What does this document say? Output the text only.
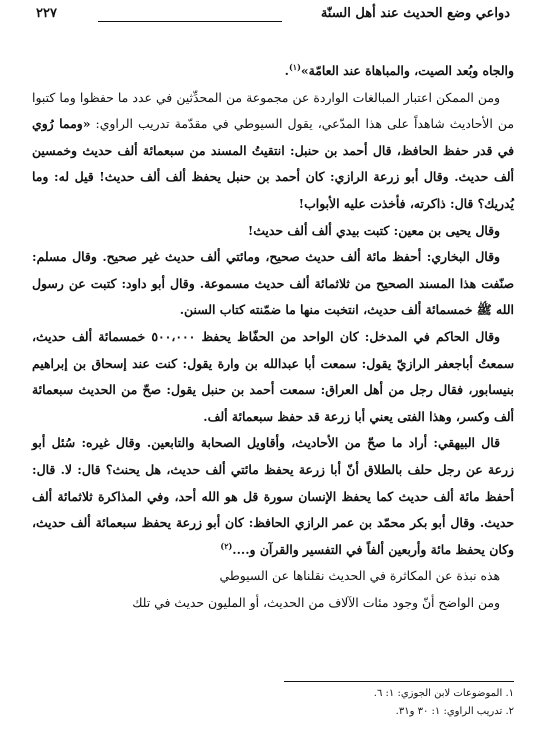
دواعي وضع الحديث عند أهل السنّة
٢٢٧

والجاه وبُعد الصيت، والمباهاة عند العامّة»$^{(١)}$.

ومن الممكن اعتبار المبالغات الواردة عن مجموعة من المحدِّثين في عدد ما حفظوا وما كتبوا من الأحاديث شاهداً على هذا المدّعي، يقول السيوطي في مقدّمة تدريب الراوي: «ومما رُوي في قدر حفظ الحافظ، قال أحمد بن حنبل: انتقيتُ المسند من سبعمائة ألف حديث وخمسين ألف حديث. وقال أبو زرعة الرازي: كان أحمد بن حنبل يحفظ ألف ألف حديث! قيل له: وما يُدريك؟ قال: ذاكرته، فأخذت عليه الأبواب!

وقال يحيى بن معين: كتبت بيدي ألف ألف حديث!

وقال البخاري: أحفظ مائة ألف حديث صحيح، ومائتي ألف حديث غير صحيح. وقال مسلم: صنّفت هذا المسند الصحيح من ثلاثمائة ألف حديث مسموعة. وقال أبو داود: كتبت عن رسول الله ﷺ خمسمائة ألف حديث، انتخبت منها ما ضمّنته كتاب السنن.

وقال الحاكم في المدخل: كان الواحد من الحفّاظ يحفظ ٥٠٠،٠٠٠ خمسمائة ألف حديث، سمعتُ أباجعفر الرازيّ يقول: سمعت أبا عبدالله بن وارة يقول: كنت عند إسحاق بن إبراهيم بنيسابور، فقال رجل من أهل العراق: سمعت أحمد بن حنبل يقول: صحّ من الحديث سبعمائة ألف وكسر، وهذا الفتى يعني أبا زرعة قد حفظ سبعمائة ألف.

قال البيهقي: أراد ما صحّ من الأحاديث، وأقاويل الصحابة والتابعين. وقال غيره: سُئل أبو زرعة عن رجل حلف بالطلاق أنّ أبا زرعة يحفظ مائتي ألف حديث، هل يحنث؟ قال: لا. قال: أحفظ مائة ألف حديث كما يحفظ الإنسان سورة قل هو الله أحد، وفي المذاكرة ثلاثمائة ألف حديث. وقال أبو بكر محمّد بن عمر الرازي الحافظ: كان أبو زرعة يحفظ سبعمائة ألف حديث، وكان يحفظ مائة وأربعين ألفاً في التفسير والقرآن و....$^{(٢)}$

هذه نبذة عن المكاثرة في الحديث نقلناها عن السيوطي

ومن الواضح أنّ وجود مئات الآلاف من الحديث، أو المليون حديث في تلك

١. الموضوعات لابن الجوزي: ١: ٦.

٢. تدريب الراوي: ١: ٣٠ و٣١.
